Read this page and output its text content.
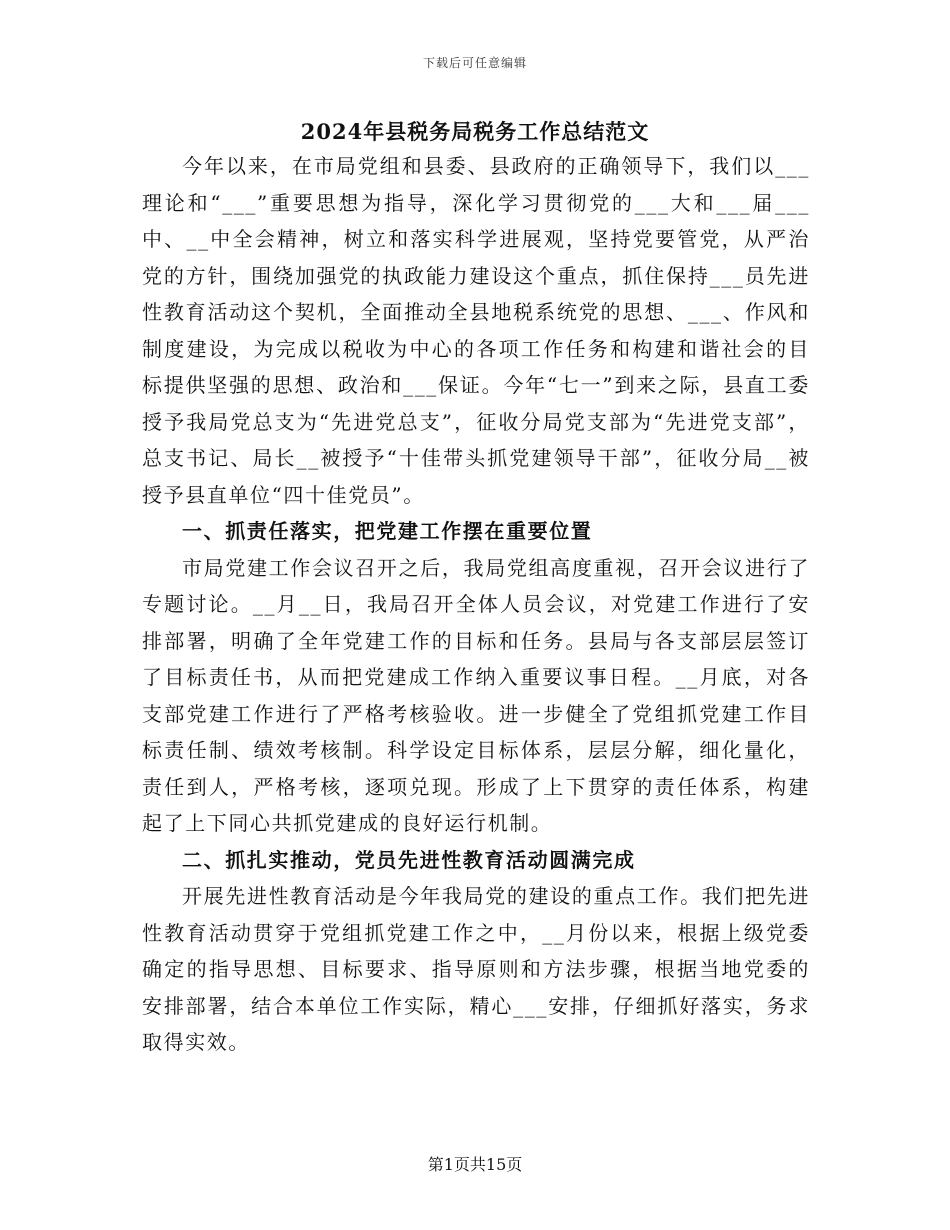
下载后可任意编辑
2024年县税务局税务工作总结范文

今年以来，在市局党组和县委、县政府的正确领导下，我们以___理论和“___”重要思想为指导，深化学习贯彻党的___大和___届___中、__中全会精神，树立和落实科学进展观，坚持党要管党，从严治党的方针，围绕加强党的执政能力建设这个重点，抓住保持___员先进性教育活动这个契机，全面推动全县地税系统党的思想、___、作风和制度建设，为完成以税收为中心的各项工作任务和构建和谐社会的目标提供坚强的思想、政治和___保证。今年“七一”到来之际，县直工委授予我局党总支为“先进党总支”，征收分局党支部为“先进党支部”，总支书记、局长__被授予“十佳带头抓党建领导干部”，征收分局__被授予县直单位“四十佳党员”。

一、抓责任落实，把党建工作摆在重要位置

市局党建工作会议召开之后，我局党组高度重视，召开会议进行了专题讨论。__月__日，我局召开全体人员会议，对党建工作进行了安排部署，明确了全年党建工作的目标和任务。县局与各支部层层签订了目标责任书，从而把党建成工作纳入重要议事日程。__月底，对各支部党建工作进行了严格考核验收。进一步健全了党组抓党建工作目标责任制、绩效考核制。科学设定目标体系，层层分解，细化量化，责任到人，严格考核，逐项兑现。形成了上下贯穿的责任体系，构建起了上下同心共抓党建成的良好运行机制。

二、抓扎实推动，党员先进性教育活动圆满完成

开展先进性教育活动是今年我局党的建设的重点工作。我们把先进性教育活动贯穿于党组抓党建工作之中，__月份以来，根据上级党委确定的指导思想、目标要求、指导原则和方法步骤，根据当地党委的安排部署，结合本单位工作实际，精心___安排，仔细抓好落实，务求取得实效。

第1页共15页
